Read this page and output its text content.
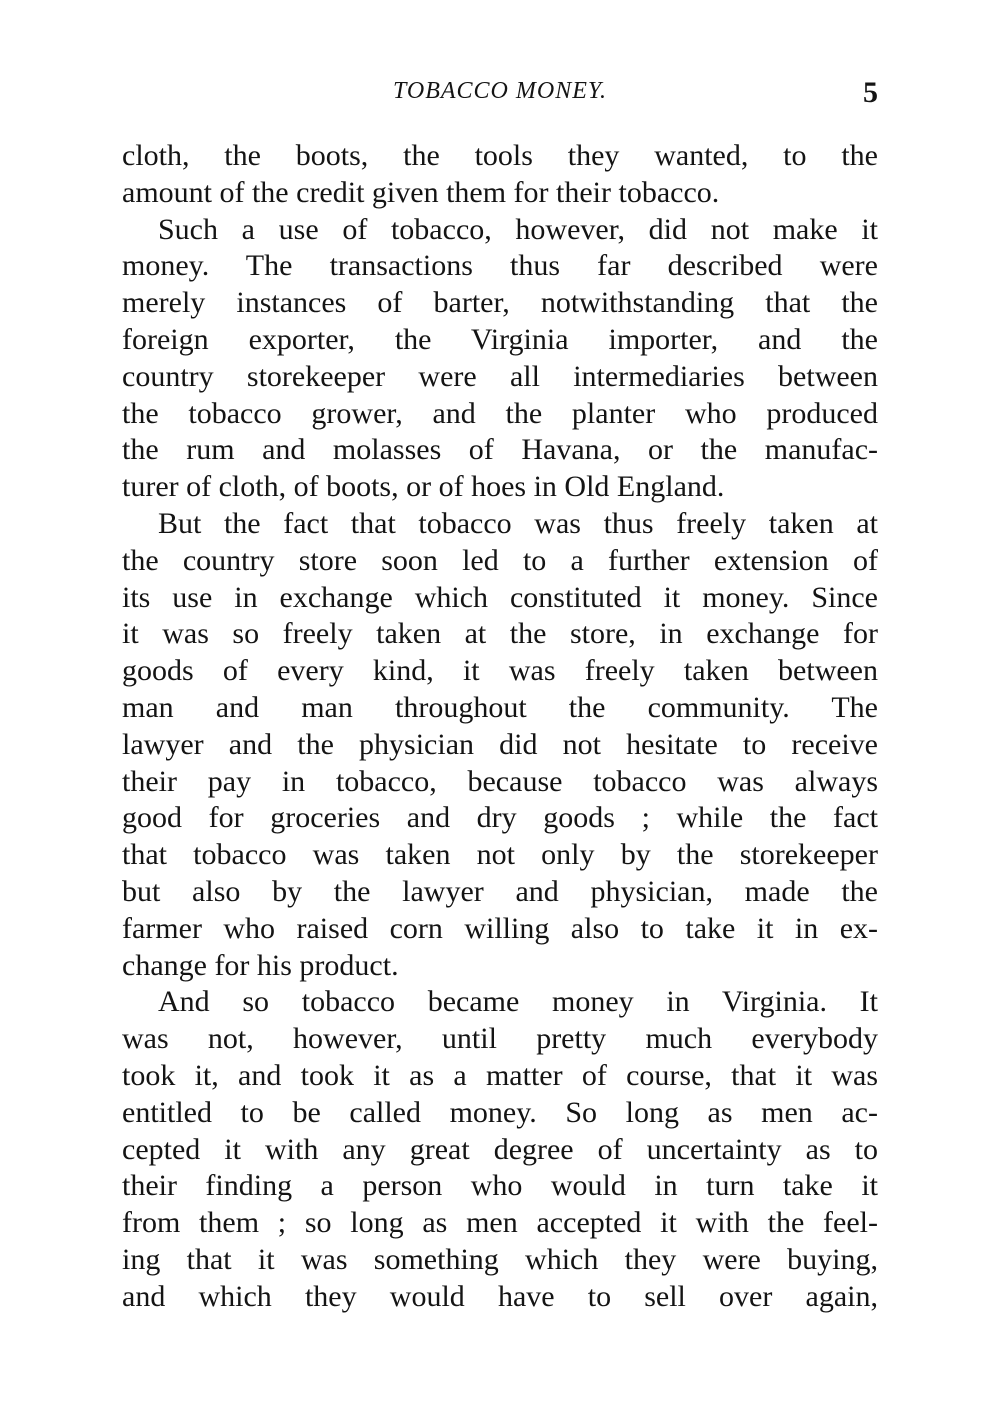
TOBACCO MONEY.	5
cloth, the boots, the tools they wanted, to the
amount of the credit given them for their tobacco.
Such a use of tobacco, however, did not make it
money. The transactions thus far described were
merely instances of barter, notwithstanding that the
foreign exporter, the Virginia importer, and the
country storekeeper were all intermediaries between
the tobacco grower, and the planter who produced
the rum and molasses of Havana, or the manufac-
turer of cloth, of boots, or of hoes in Old England.
But the fact that tobacco was thus freely taken at
the country store soon led to a further extension of
its use in exchange which constituted it money. Since
it was so freely taken at the store, in exchange for
goods of every kind, it was freely taken between
man and man throughout the community. The
lawyer and the physician did not hesitate to receive
their pay in tobacco, because tobacco was always
good for groceries and dry goods ; while the fact
that tobacco was taken not only by the storekeeper
but also by the lawyer and physician, made the
farmer who raised corn willing also to take it in ex-
change for his product.
And so tobacco became money in Virginia. It
was not, however, until pretty much everybody
took it, and took it as a matter of course, that it was
entitled to be called money. So long as men ac-
cepted it with any great degree of uncertainty as to
their finding a person who would in turn take it
from them ; so long as men accepted it with the feel-
ing that it was something which they were buying,
and which they would have to sell over again,
